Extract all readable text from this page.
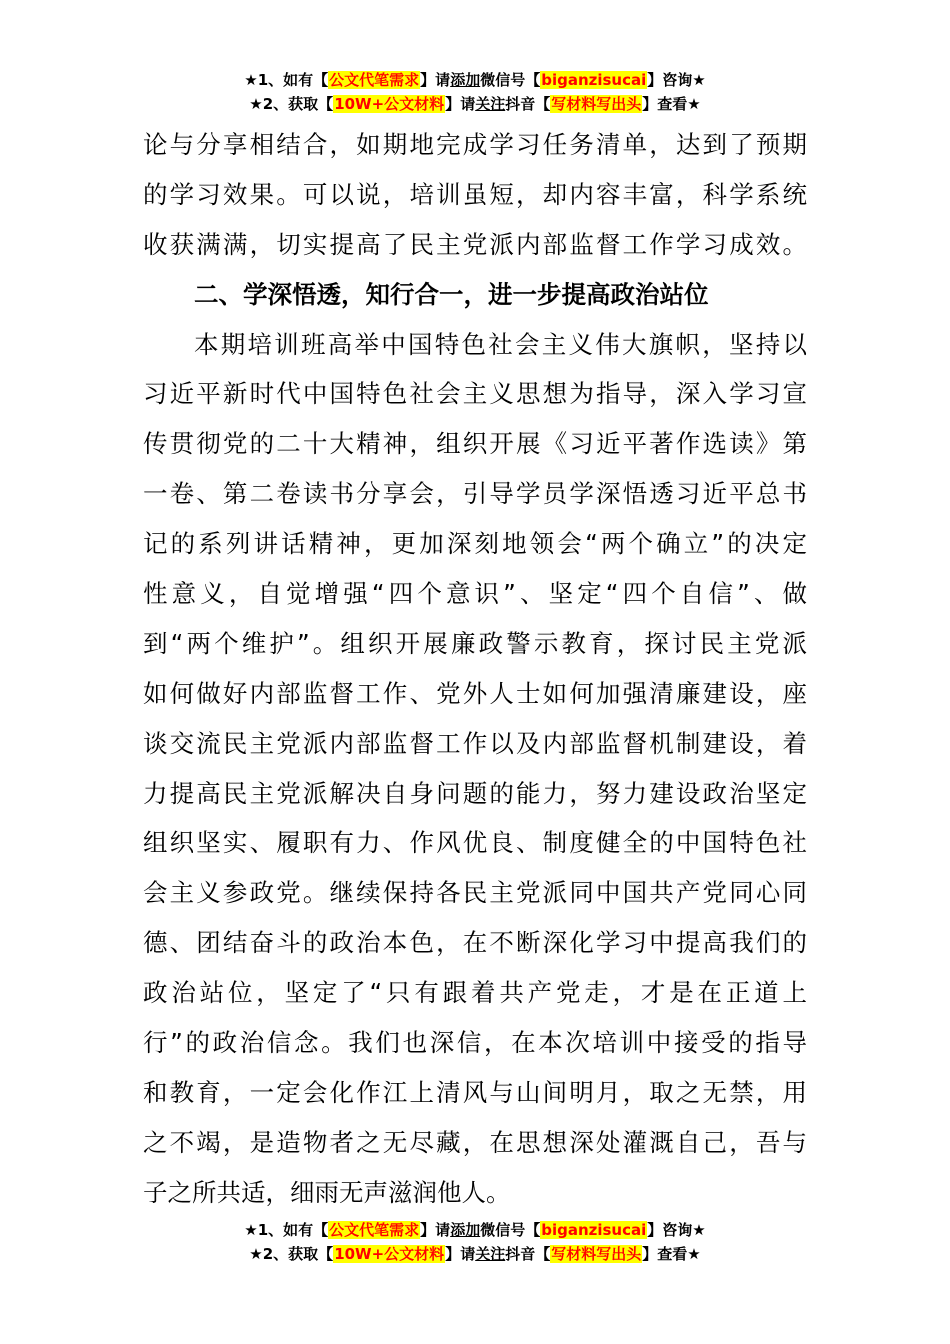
★1、如有【公文代笔需求】请添加微信号【biganzisucai】咨询★
★2、获取【10W+公文材料】请关注抖音【写材料写出头】查看★
论与分享相结合，如期地完成学习任务清单，达到了预期
的学习效果。可以说，培训虽短，却内容丰富，科学系统
收获满满，切实提高了民主党派内部监督工作学习成效。
二、学深悟透，知行合一，进一步提高政治站位
本期培训班高举中国特色社会主义伟大旗帜，坚持以
习近平新时代中国特色社会主义思想为指导，深入学习宣
传贯彻党的二十大精神，组织开展《习近平著作选读》第
一卷、第二卷读书分享会，引导学员学深悟透习近平总书
记的系列讲话精神，更加深刻地领会“两个确立”的决定
性意义，自觉增强“四个意识”、坚定“四个自信”、做
到“两个维护”。组织开展廉政警示教育，探讨民主党派
如何做好内部监督工作、党外人士如何加强清廉建设，座
谈交流民主党派内部监督工作以及内部监督机制建设，着
力提高民主党派解决自身问题的能力，努力建设政治坚定
组织坚实、履职有力、作风优良、制度健全的中国特色社
会主义参政党。继续保持各民主党派同中国共产党同心同
德、团结奋斗的政治本色，在不断深化学习中提高我们的
政治站位，坚定了“只有跟着共产党走，才是在正道上
行”的政治信念。我们也深信，在本次培训中接受的指导
和教育，一定会化作江上清风与山间明月，取之无禁，用
之不竭，是造物者之无尽藏，在思想深处灌溉自己，吾与
子之所共适，细雨无声滋润他人。
★1、如有【公文代笔需求】请添加微信号【biganzisucai】咨询★
★2、获取【10W+公文材料】请关注抖音【写材料写出头】查看★
